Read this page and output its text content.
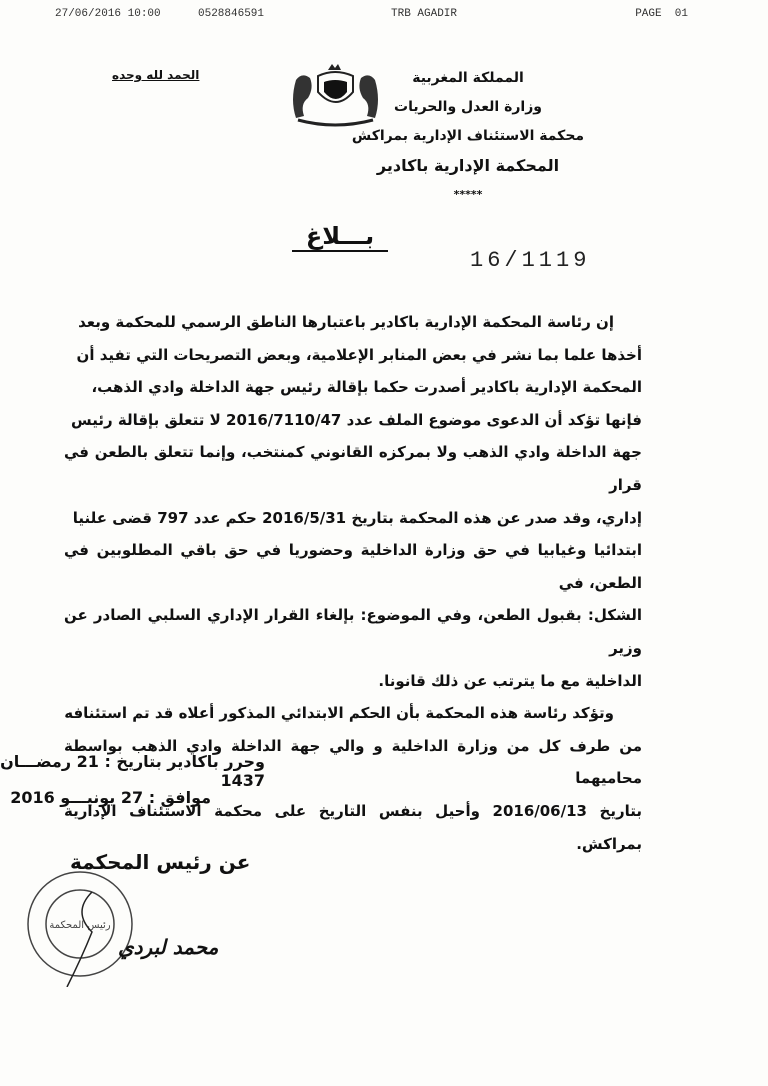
27/06/2016 10:00	0528846591	TRB AGADIR	PAGE  01
المملكة المغربية
وزارة العدل والحريات
محكمة الاستئناف الإدارية بمراكش
المحكمة الإدارية باكادير
*****
الحمد لله وحده
بـــلاغ
16/1119
إن رئاسة المحكمة الإدارية باكادير باعتبارها الناطق الرسمي للمحكمة وبعد
أخذها علما بما نشر في بعض المنابر الإعلامية، وبعض التصريحات التي تفيد أن
المحكمة الإدارية باكادير أصدرت حكما بإقالة رئيس جهة الداخلة وادي الذهب،
فإنها تؤكد أن الدعوى موضوع الملف عدد 2016/7110/47 لا تتعلق بإقالة رئيس
جهة الداخلة وادي الذهب ولا بمركزه القانوني كمنتخب، وإنما تتعلق بالطعن في قرار
إداري، وقد صدر عن هذه المحكمة بتاريخ 2016/5/31 حكم عدد 797 قضى علنيا
ابتدائيا وغيابيا في حق وزارة الداخلية وحضوريا في حق باقي المطلوبين في الطعن، في
الشكل: بقبول الطعن، وفي الموضوع: بإلغاء القرار الإداري السلبي الصادر عن وزير
الداخلية مع ما يترتب عن ذلك قانونا.
وتؤكد رئاسة هذه المحكمة بأن الحكم الابتدائي المذكور أعلاه قد تم استئنافه
من طرف كل من وزارة الداخلية و والي جهة الداخلة وادي الذهب بواسطة محاميهما
بتاريخ 2016/06/13 وأحيل بنفس التاريخ على محكمة الاستئناف الإدارية بمراكش.
وحرر باكادير بتاريخ : 21 رمضـــان 1437
موافق : 27 يونيـــو 2016
عن رئيس المحكمة
رئيس المحكمة
محمد لبردي
